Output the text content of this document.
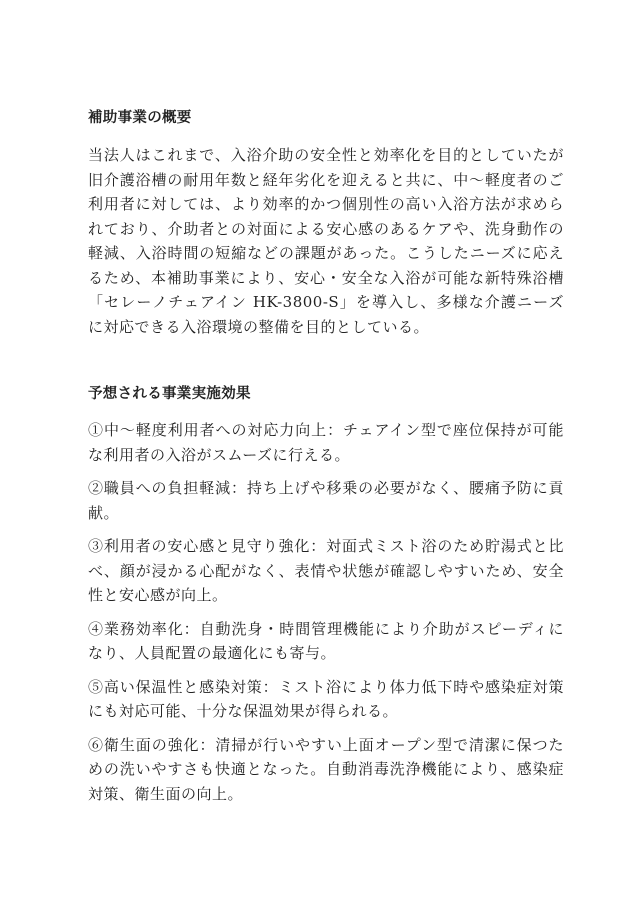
補助事業の概要

当法人はこれまで、入浴介助の安全性と効率化を目的としていたが旧介護浴槽の耐用年数と経年劣化を迎えると共に、中～軽度者のご利用者に対しては、より効率的かつ個別性の高い入浴方法が求められており、介助者との対面による安心感のあるケアや、洗身動作の軽減、入浴時間の短縮などの課題があった。こうしたニーズに応えるため、本補助事業により、安心・安全な入浴が可能な新特殊浴槽「セレーノチェアイン HK-3800-S」を導入し、多様な介護ニーズに対応できる入浴環境の整備を目的としている。

予想される事業実施効果

①中～軽度利用者への対応力向上：チェアイン型で座位保持が可能な利用者の入浴がスムーズに行える。

②職員への負担軽減：持ち上げや移乗の必要がなく、腰痛予防に貢献。

③利用者の安心感と見守り強化：対面式ミスト浴のため貯湯式と比べ、顔が浸かる心配がなく、表情や状態が確認しやすいため、安全性と安心感が向上。

④業務効率化：自動洗身・時間管理機能により介助がスピーディになり、人員配置の最適化にも寄与。

⑤高い保温性と感染対策：ミスト浴により体力低下時や感染症対策にも対応可能、十分な保温効果が得られる。

⑥衛生面の強化：清掃が行いやすい上面オープン型で清潔に保つための洗いやすさも快適となった。自動消毒洗浄機能により、感染症対策、衛生面の向上。
